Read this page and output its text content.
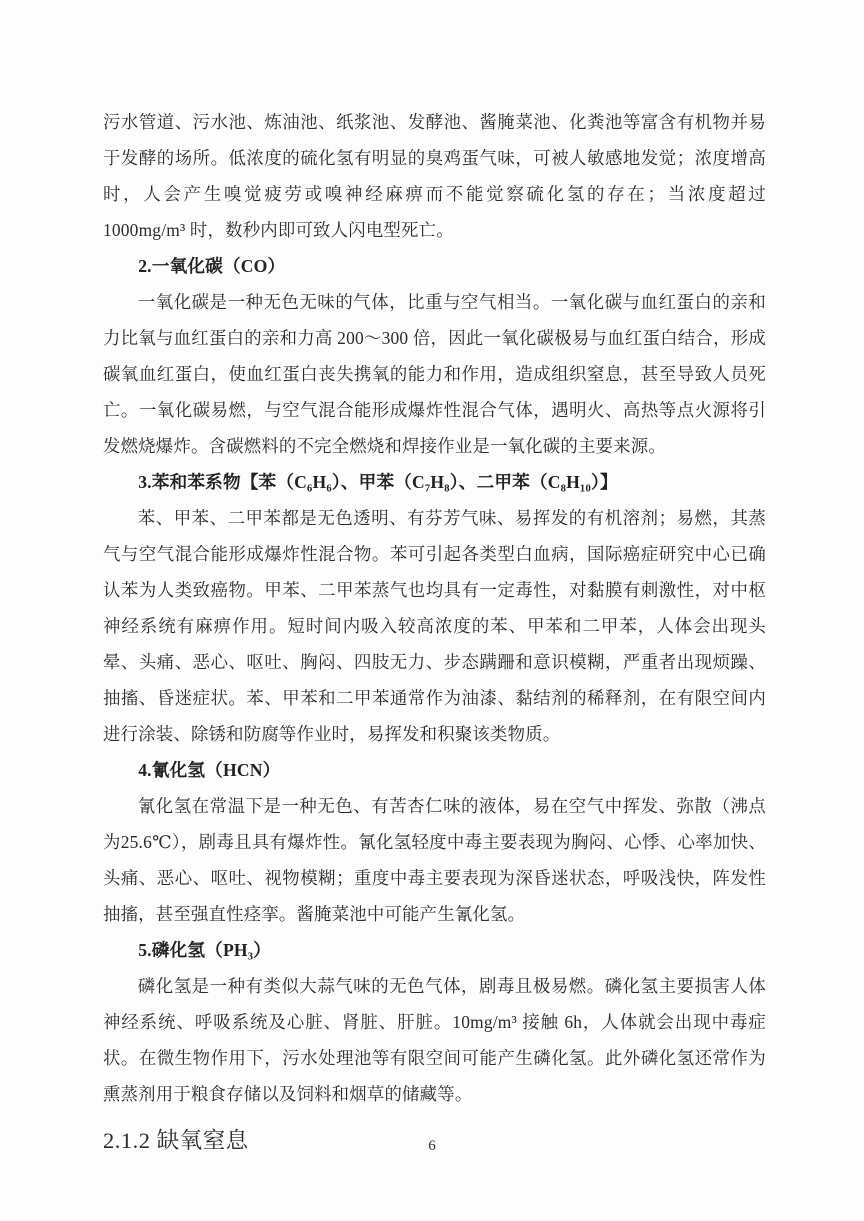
污水管道、污水池、炼油池、纸浆池、发酵池、酱腌菜池、化粪池等富含有机物并易于发酵的场所。低浓度的硫化氢有明显的臭鸡蛋气味，可被人敏感地发觉；浓度增高时，人会产生嗅觉疲劳或嗅神经麻痹而不能觉察硫化氢的存在；当浓度超过 1000mg/m³ 时，数秒内即可致人闪电型死亡。

2.一氧化碳（CO）

一氧化碳是一种无色无味的气体，比重与空气相当。一氧化碳与血红蛋白的亲和力比氧与血红蛋白的亲和力高 200～300 倍，因此一氧化碳极易与血红蛋白结合，形成碳氧血红蛋白，使血红蛋白丧失携氧的能力和作用，造成组织窒息，甚至导致人员死亡。一氧化碳易燃，与空气混合能形成爆炸性混合气体，遇明火、高热等点火源将引发燃烧爆炸。含碳燃料的不完全燃烧和焊接作业是一氧化碳的主要来源。

3.苯和苯系物【苯（C₆H₆）、甲苯（C₇H₈）、二甲苯（C₈H₁₀）】

苯、甲苯、二甲苯都是无色透明、有芬芳气味、易挥发的有机溶剂；易燃，其蒸气与空气混合能形成爆炸性混合物。苯可引起各类型白血病，国际癌症研究中心已确认苯为人类致癌物。甲苯、二甲苯蒸气也均具有一定毒性，对黏膜有刺激性，对中枢神经系统有麻痹作用。短时间内吸入较高浓度的苯、甲苯和二甲苯，人体会出现头晕、头痛、恶心、呕吐、胸闷、四肢无力、步态蹒跚和意识模糊，严重者出现烦躁、抽搐、昏迷症状。苯、甲苯和二甲苯通常作为油漆、黏结剂的稀释剂，在有限空间内进行涂装、除锈和防腐等作业时，易挥发和积聚该类物质。

4.氰化氢（HCN）

氰化氢在常温下是一种无色、有苦杏仁味的液体，易在空气中挥发、弥散（沸点为25.6℃），剧毒且具有爆炸性。氰化氢轻度中毒主要表现为胸闷、心悸、心率加快、头痛、恶心、呕吐、视物模糊；重度中毒主要表现为深昏迷状态，呼吸浅快，阵发性抽搐，甚至强直性痉挛。酱腌菜池中可能产生氰化氢。

5.磷化氢（PH₃）

磷化氢是一种有类似大蒜气味的无色气体，剧毒且极易燃。磷化氢主要损害人体神经系统、呼吸系统及心脏、肾脏、肝脏。10mg/m³ 接触 6h，人体就会出现中毒症状。在微生物作用下，污水处理池等有限空间可能产生磷化氢。此外磷化氢还常作为熏蒸剂用于粮食存储以及饲料和烟草的储藏等。

2.1.2 缺氧窒息	6
